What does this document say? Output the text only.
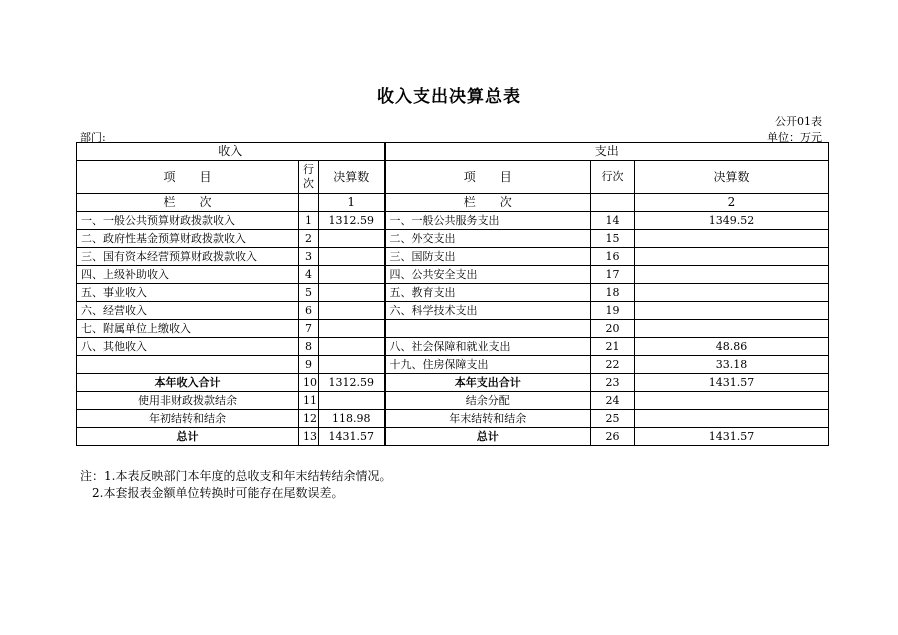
收入支出决算总表
公开01表
部门:	单位：万元
收入			支出		
项　　目	行次	决算数	项　　目	行次	决算数
栏　　次		1	栏　　次		2
一、一般公共预算财政拨款收入	1	1312.59	一、一般公共服务支出	14	1349.52
二、政府性基金预算财政拨款收入	2		二、外交支出	15	
三、国有资本经营预算财政拨款收入	3		三、国防支出	16	
四、上级补助收入	4		四、公共安全支出	17	
五、事业收入	5		五、教育支出	18	
六、经营收入	6		六、科学技术支出	19	
七、附属单位上缴收入	7			20	
八、其他收入	8		八、社会保障和就业支出	21	48.86
	9		十九、住房保障支出	22	33.18
本年收入合计	10	1312.59	本年支出合计	23	1431.57
使用非财政拨款结余	11		结余分配	24	
年初结转和结余	12	118.98	年末结转和结余	25	
总计	13	1431.57	总计	26	1431.57
注：1.本表反映部门本年度的总收支和年末结转结余情况。
　2.本套报表金额单位转换时可能存在尾数误差。
